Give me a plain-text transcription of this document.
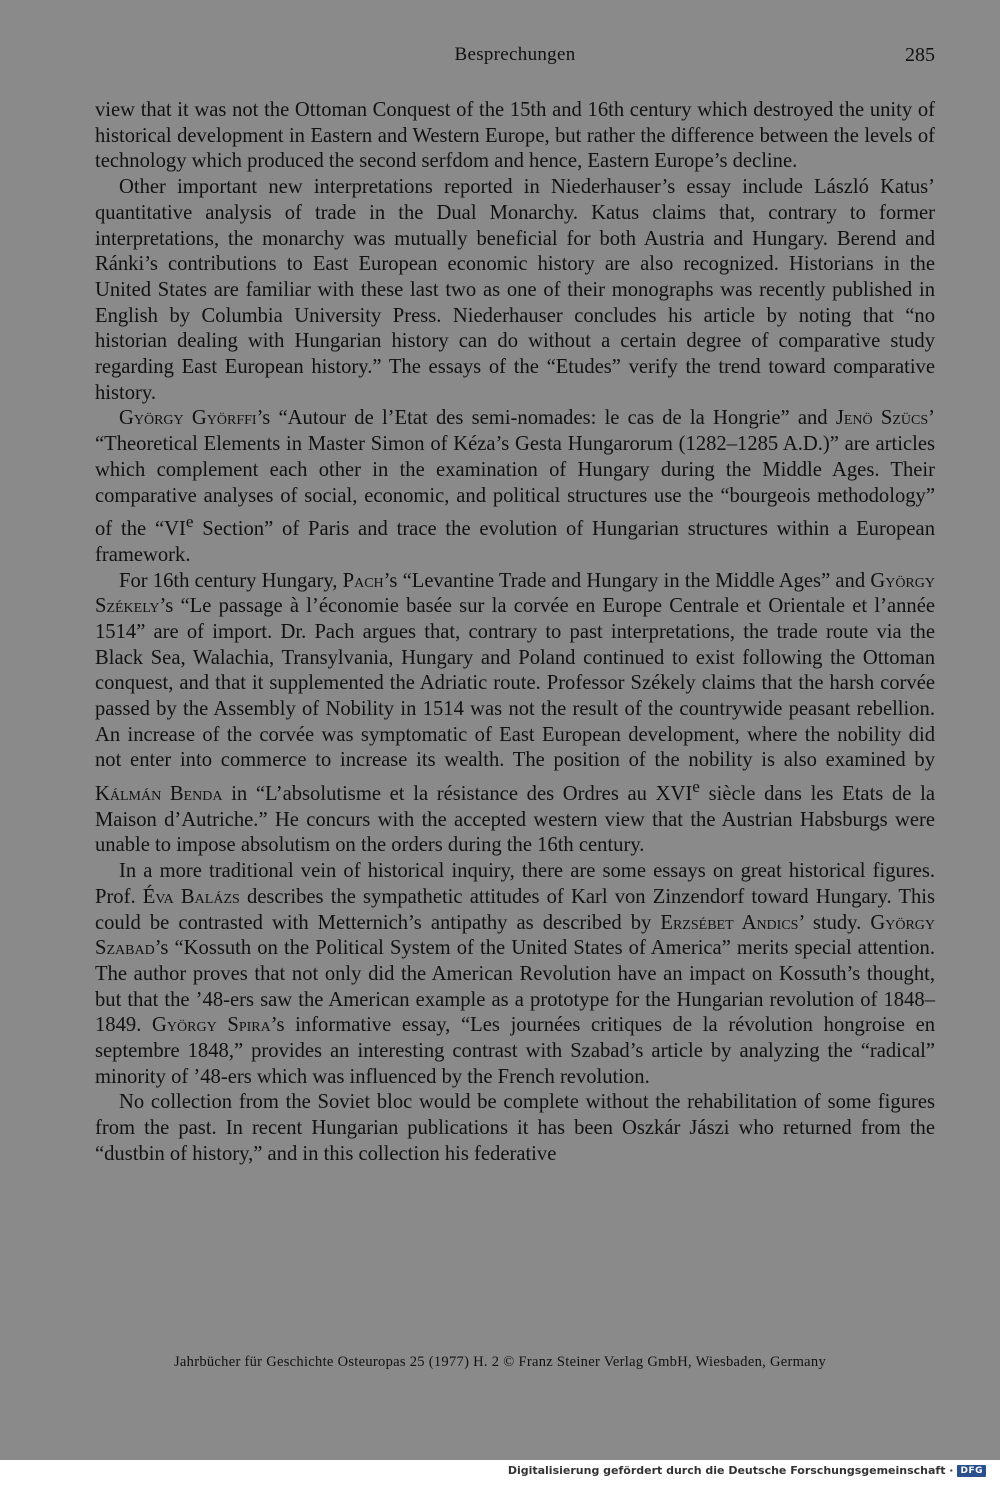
Besprechungen	285

view that it was not the Ottoman Conquest of the 15th and 16th century which destroyed the unity of historical development in Eastern and Western Europe, but rather the difference between the levels of technology which produced the second serfdom and hence, Eastern Europe’s decline.

Other important new interpretations reported in Niederhauser’s essay include László Katus’ quantitative analysis of trade in the Dual Monarchy. Katus claims that, contrary to former interpretations, the monarchy was mutually beneficial for both Austria and Hungary. Berend and Ránki’s contributions to East European economic history are also recognized. Historians in the United States are familiar with these last two as one of their monographs was recently published in English by Columbia University Press. Niederhauser concludes his article by noting that “no historian dealing with Hungarian history can do without a certain degree of comparative study regarding East European history.” The essays of the “Etudes” verify the trend toward comparative history.

György Györffi’s “Autour de l’Etat des semi-nomades: le cas de la Hongrie” and Jenö Szücs’ “Theoretical Elements in Master Simon of Kéza’s Gesta Hungarorum (1282–1285 A.D.)” are articles which complement each other in the examination of Hungary during the Middle Ages. Their comparative analyses of social, economic, and political structures use the “bourgeois methodology” of the “VIe Section” of Paris and trace the evolution of Hungarian structures within a European framework.

For 16th century Hungary, Pach’s “Levantine Trade and Hungary in the Middle Ages” and György Székely’s “Le passage à l’économie basée sur la corvée en Europe Centrale et Orientale et l’année 1514” are of import. Dr. Pach argues that, contrary to past interpretations, the trade route via the Black Sea, Walachia, Transylvania, Hungary and Poland continued to exist following the Ottoman conquest, and that it supplemented the Adriatic route. Professor Székely claims that the harsh corvée passed by the Assembly of Nobility in 1514 was not the result of the countrywide peasant rebellion. An increase of the corvée was symptomatic of East European development, where the nobility did not enter into commerce to increase its wealth. The position of the nobility is also examined by Kálmán Benda in “L’absolutisme et la résistance des Ordres au XVIe siècle dans les Etats de la Maison d’Autriche.” He concurs with the accepted western view that the Austrian Habsburgs were unable to impose absolutism on the orders during the 16th century.

In a more traditional vein of historical inquiry, there are some essays on great historical figures. Prof. Éva Balázs describes the sympathetic attitudes of Karl von Zinzendorf toward Hungary. This could be contrasted with Metternich’s antipathy as described by Erzsébet Andics’ study. György Szabad’s “Kossuth on the Political System of the United States of America” merits special attention. The author proves that not only did the American Revolution have an impact on Kossuth’s thought, but that the ’48-ers saw the American example as a prototype for the Hungarian revolution of 1848–1849. György Spira’s informative essay, “Les journées critiques de la révolution hongroise en septembre 1848,” provides an interesting contrast with Szabad’s article by analyzing the “radical” minority of ’48-ers which was influenced by the French revolution.

No collection from the Soviet bloc would be complete without the rehabilitation of some figures from the past. In recent Hungarian publications it has been Oszkár Jászi who returned from the “dustbin of history,” and in this collection his federative

Jahrbücher für Geschichte Osteuropas 25 (1977) H. 2 © Franz Steiner Verlag GmbH, Wiesbaden, Germany
Digitalisierung gefördert durch die Deutsche Forschungsgemeinschaft · DFG
